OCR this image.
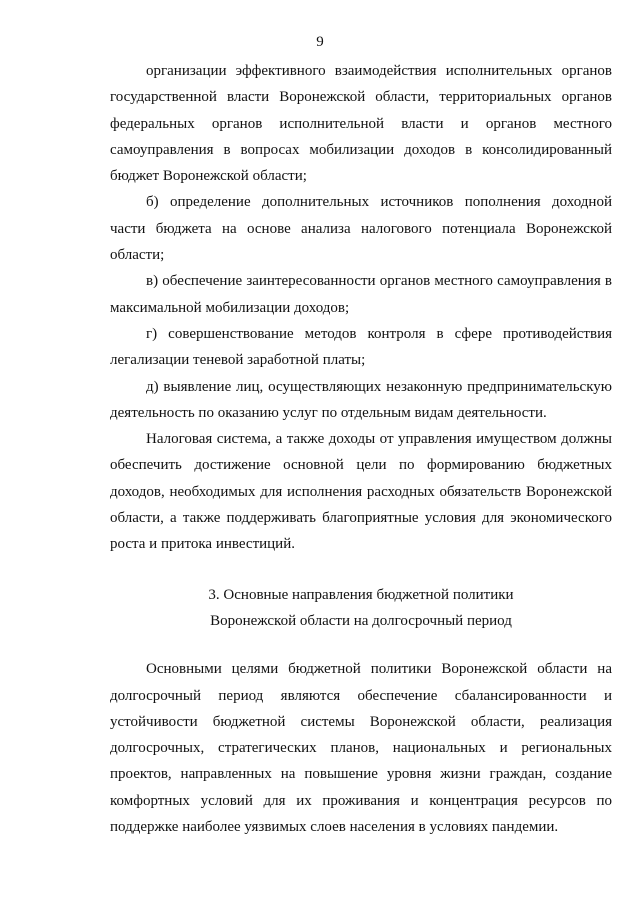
9

организации эффективного взаимодействия исполнительных органов государственной власти Воронежской области, территориальных органов федеральных органов исполнительной власти и органов местного самоуправления в вопросах мобилизации доходов в консолидированный бюджет Воронежской области;

б) определение дополнительных источников пополнения доходной части бюджета на основе анализа налогового потенциала Воронежской области;

в) обеспечение заинтересованности органов местного самоуправления в максимальной мобилизации доходов;

г) совершенствование методов контроля в сфере противодействия легализации теневой заработной платы;

д) выявление лиц, осуществляющих незаконную предпринимательскую деятельность по оказанию услуг по отдельным видам деятельности.

Налоговая система, а также доходы от управления имуществом должны обеспечить достижение основной цели по формированию бюджетных доходов, необходимых для исполнения расходных обязательств Воронежской области, а также поддерживать благоприятные условия для экономического роста и притока инвестиций.

3. Основные направления бюджетной политики
Воронежской области на долгосрочный период

Основными целями бюджетной политики Воронежской области на долгосрочный период являются обеспечение сбалансированности и устойчивости бюджетной системы Воронежской области, реализация долгосрочных, стратегических планов, национальных и региональных проектов, направленных на повышение уровня жизни граждан, создание комфортных условий для их проживания и концентрация ресурсов по поддержке наиболее уязвимых слоев населения в условиях пандемии.
